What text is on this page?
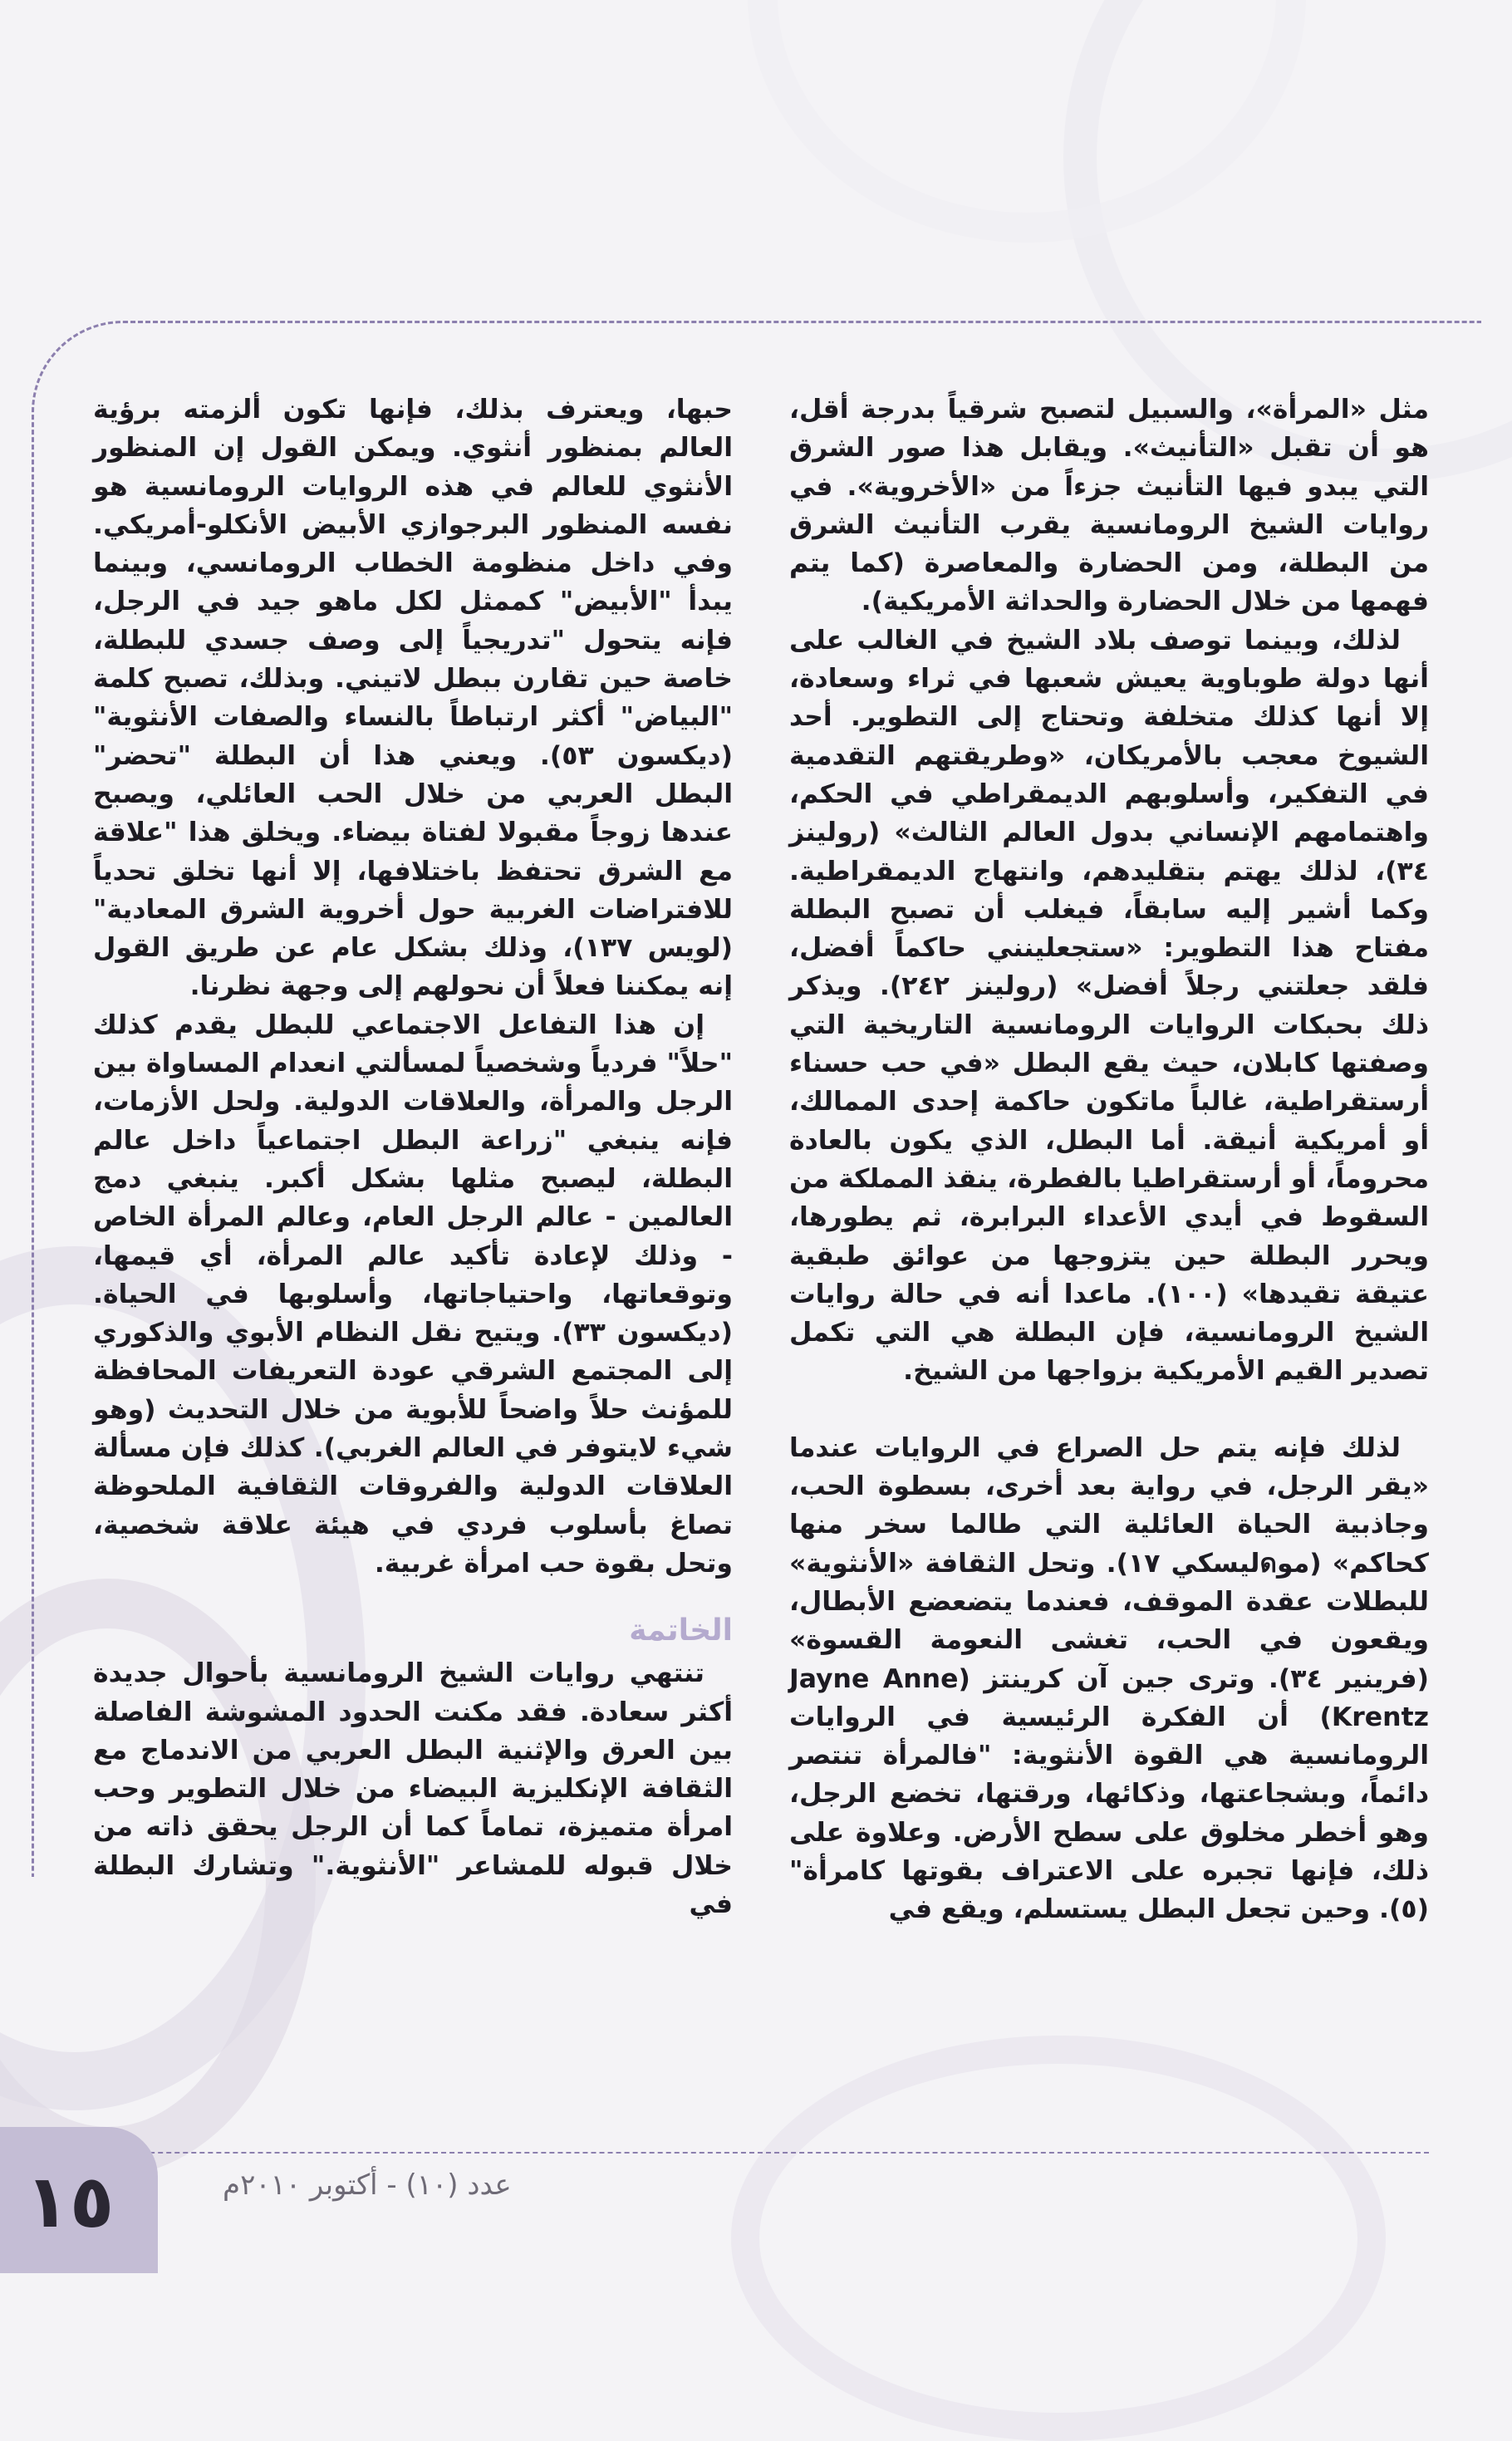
مثل «المرأة»، والسبيل لتصبح شرقياً بدرجة أقل، هو أن تقبل «التأنيث». ويقابل هذا صور الشرق التي يبدو فيها التأنيث جزءاً من «الأخروية». في روايات الشيخ الرومانسية يقرب التأنيث الشرق من البطلة، ومن الحضارة والمعاصرة (كما يتم فهمها من خلال الحضارة والحداثة الأمريكية).

لذلك، وبينما توصف بلاد الشيخ في الغالب على أنها دولة طوباوية يعيش شعبها في ثراء وسعادة، إلا أنها كذلك متخلفة وتحتاج إلى التطوير. أحد الشيوخ معجب بالأمريكان، «وطريقتهم التقدمية في التفكير، وأسلوبهم الديمقراطي في الحكم، واهتمامهم الإنساني بدول العالم الثالث» (رولينز ٣٤)، لذلك يهتم بتقليدهم، وانتهاج الديمقراطية. وكما أشير إليه سابقاً، فيغلب أن تصبح البطلة مفتاح هذا التطوير: «ستجعلينني حاكماً أفضل، فلقد جعلتني رجلاً أفضل» (رولينز ٢٤٢). ويذكر ذلك بحبكات الروايات الرومانسية التاريخية التي وصفتها كابلان، حيث يقع البطل «في حب حسناء أرستقراطية، غالباً ماتكون حاكمة إحدى الممالك، أو أمريكية أنيقة. أما البطل، الذي يكون بالعادة محروماً، أو أرستقراطيا بالفطرة، ينقذ المملكة من السقوط في أيدي الأعداء البرابرة، ثم يطورها، ويحرر البطلة حين يتزوجها من عوائق طبقية عتيقة تقيدها» (١٠٠). ماعدا أنه في حالة روايات الشيخ الرومانسية، فإن البطلة هي التي تكمل تصدير القيم الأمريكية بزواجها من الشيخ.

لذلك فإنه يتم حل الصراع في الروايات عندما «يقر الرجل، في رواية بعد أخرى، بسطوة الحب، وجاذبية الحياة العائلية التي طالما سخر منها كحاكم» (موดليسكي ١٧). وتحل الثقافة «الأنثوية» للبطلات عقدة الموقف، فعندما يتضعضع الأبطال، ويقعون في الحب، تغشى النعومة القسوة» (فرينير ٣٤). وترى جين آن كرينتز (Jayne Anne Krentz) أن الفكرة الرئيسية في الروايات الرومانسية هي القوة الأنثوية: "فالمرأة تنتصر دائماً، وبشجاعتها، وذكائها، ورقتها، تخضع الرجل، وهو أخطر مخلوق على سطح الأرض. وعلاوة على ذلك، فإنها تجبره على الاعتراف بقوتها كامرأة" (٥). وحين تجعل البطل يستسلم، ويقع في

حبها، ويعترف بذلك، فإنها تكون ألزمته برؤية العالم بمنظور أنثوي. ويمكن القول إن المنظور الأنثوي للعالم في هذه الروايات الرومانسية هو نفسه المنظور البرجوازي الأبيض الأنكلو-أمريكي. وفي داخل منظومة الخطاب الرومانسي، وبينما يبدأ "الأبيض" كممثل لكل ماهو جيد في الرجل، فإنه يتحول "تدريجياً إلى وصف جسدي للبطلة، خاصة حين تقارن ببطل لاتيني. وبذلك، تصبح كلمة "البياض" أكثر ارتباطاً بالنساء والصفات الأنثوية" (ديكسون ٥٣). ويعني هذا أن البطلة "تحضر" البطل العربي من خلال الحب العائلي، ويصبح عندها زوجاً مقبولا لفتاة بيضاء. ويخلق هذا "علاقة مع الشرق تحتفظ باختلافها، إلا أنها تخلق تحدياً للافتراضات الغربية حول أخروية الشرق المعادية" (لويس ١٣٧)، وذلك بشكل عام عن طريق القول إنه يمكننا فعلاً أن نحولهم إلى وجهة نظرنا.

إن هذا التفاعل الاجتماعي للبطل يقدم كذلك "حلاً" فردياً وشخصياً لمسألتي انعدام المساواة بين الرجل والمرأة، والعلاقات الدولية. ولحل الأزمات، فإنه ينبغي "زراعة البطل اجتماعياً داخل عالم البطلة، ليصبح مثلها بشكل أكبر. ينبغي دمج العالمين - عالم الرجل العام، وعالم المرأة الخاص - وذلك لإعادة تأكيد عالم المرأة، أي قيمها، وتوقعاتها، واحتياجاتها، وأسلوبها في الحياة. (ديكسون ٣٣). ويتيح نقل النظام الأبوي والذكوري إلى المجتمع الشرقي عودة التعريفات المحافظة للمؤنث حلاً واضحاً للأبوية من خلال التحديث (وهو شيء لايتوفر في العالم الغربي). كذلك فإن مسألة العلاقات الدولية والفروقات الثقافية الملحوظة تصاغ بأسلوب فردي في هيئة علاقة شخصية، وتحل بقوة حب امرأة غربية.

الخاتمة

تنتهي روايات الشيخ الرومانسية بأحوال جديدة أكثر سعادة. فقد مكنت الحدود المشوشة الفاصلة بين العرق والإثنية البطل العربي من الاندماج مع الثقافة الإنكليزية البيضاء من خلال التطوير وحب امرأة متميزة، تماماً كما أن الرجل يحقق ذاته من خلال قبوله للمشاعر "الأنثوية." وتشارك البطلة في

عدد (١٠) - أكتوبر ٢٠١٠م
١٥
